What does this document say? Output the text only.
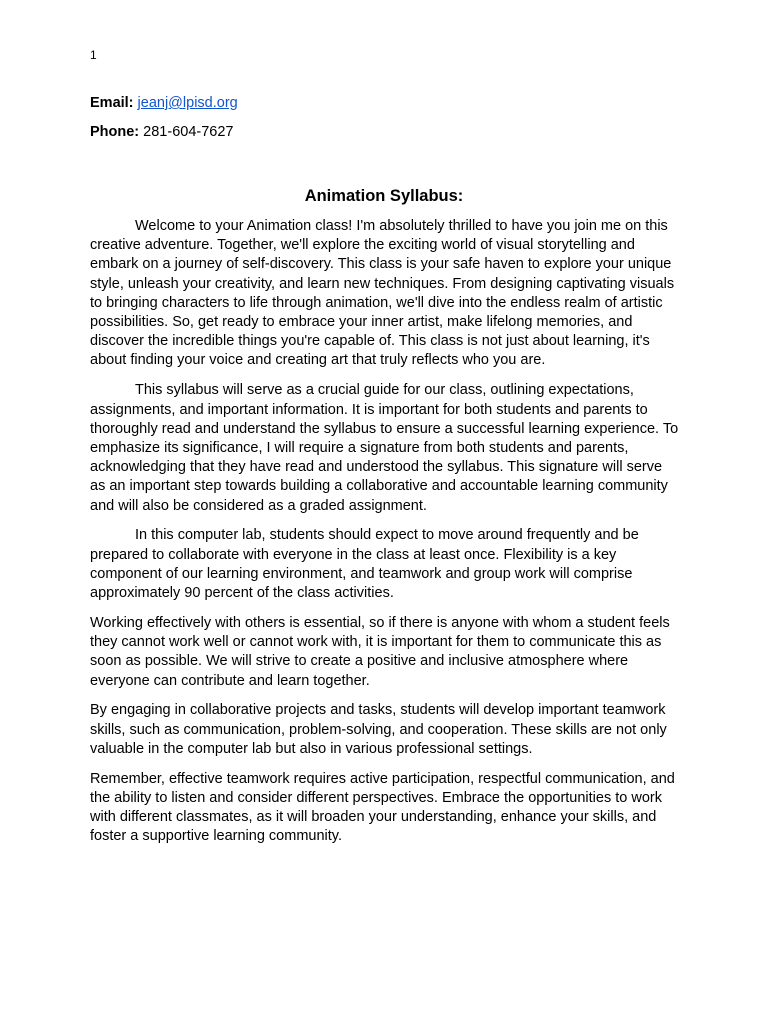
1
Email: jeanj@lpisd.org
Phone: 281-604-7627
Animation Syllabus:

Welcome to your Animation class! I'm absolutely thrilled to have you join me on this creative adventure. Together, we'll explore the exciting world of visual storytelling and embark on a journey of self-discovery. This class is your safe haven to explore your unique style, unleash your creativity, and learn new techniques. From designing captivating visuals to bringing characters to life through animation, we'll dive into the endless realm of artistic possibilities. So, get ready to embrace your inner artist, make lifelong memories, and discover the incredible things you're capable of. This class is not just about learning, it's about finding your voice and creating art that truly reflects who you are.

This syllabus will serve as a crucial guide for our class, outlining expectations, assignments, and important information. It is important for both students and parents to thoroughly read and understand the syllabus to ensure a successful learning experience. To emphasize its significance, I will require a signature from both students and parents, acknowledging that they have read and understood the syllabus. This signature will serve as an important step towards building a collaborative and accountable learning community and will also be considered as a graded assignment.

In this computer lab, students should expect to move around frequently and be prepared to collaborate with everyone in the class at least once. Flexibility is a key component of our learning environment, and teamwork and group work will comprise approximately 90 percent of the class activities.

Working effectively with others is essential, so if there is anyone with whom a student feels they cannot work well or cannot work with, it is important for them to communicate this as soon as possible. We will strive to create a positive and inclusive atmosphere where everyone can contribute and learn together.

By engaging in collaborative projects and tasks, students will develop important teamwork skills, such as communication, problem-solving, and cooperation. These skills are not only valuable in the computer lab but also in various professional settings.

Remember, effective teamwork requires active participation, respectful communication, and the ability to listen and consider different perspectives. Embrace the opportunities to work with different classmates, as it will broaden your understanding, enhance your skills, and foster a supportive learning community.
